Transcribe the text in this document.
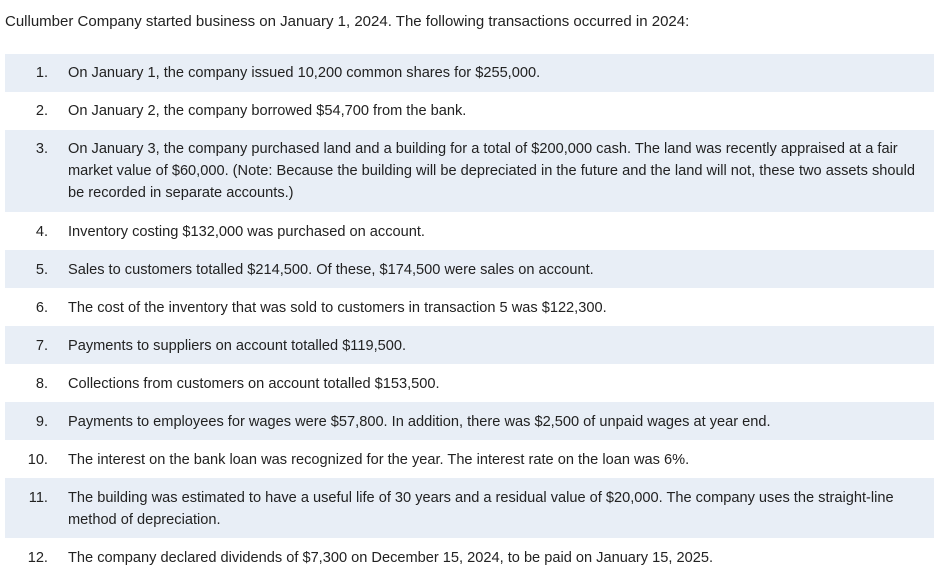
Cullumber Company started business on January 1, 2024. The following transactions occurred in 2024:
1.	On January 1, the company issued 10,200 common shares for $255,000.
2.	On January 2, the company borrowed $54,700 from the bank.
3.	On January 3, the company purchased land and a building for a total of $200,000 cash. The land was recently appraised at a fair market value of $60,000. (Note: Because the building will be depreciated in the future and the land will not, these two assets should be recorded in separate accounts.)
4.	Inventory costing $132,000 was purchased on account.
5.	Sales to customers totalled $214,500. Of these, $174,500 were sales on account.
6.	The cost of the inventory that was sold to customers in transaction 5 was $122,300.
7.	Payments to suppliers on account totalled $119,500.
8.	Collections from customers on account totalled $153,500.
9.	Payments to employees for wages were $57,800. In addition, there was $2,500 of unpaid wages at year end.
10.	The interest on the bank loan was recognized for the year. The interest rate on the loan was 6%.
11.	The building was estimated to have a useful life of 30 years and a residual value of $20,000. The company uses the straight-line method of depreciation.
12.	The company declared dividends of $7,300 on December 15, 2024, to be paid on January 15, 2025.
